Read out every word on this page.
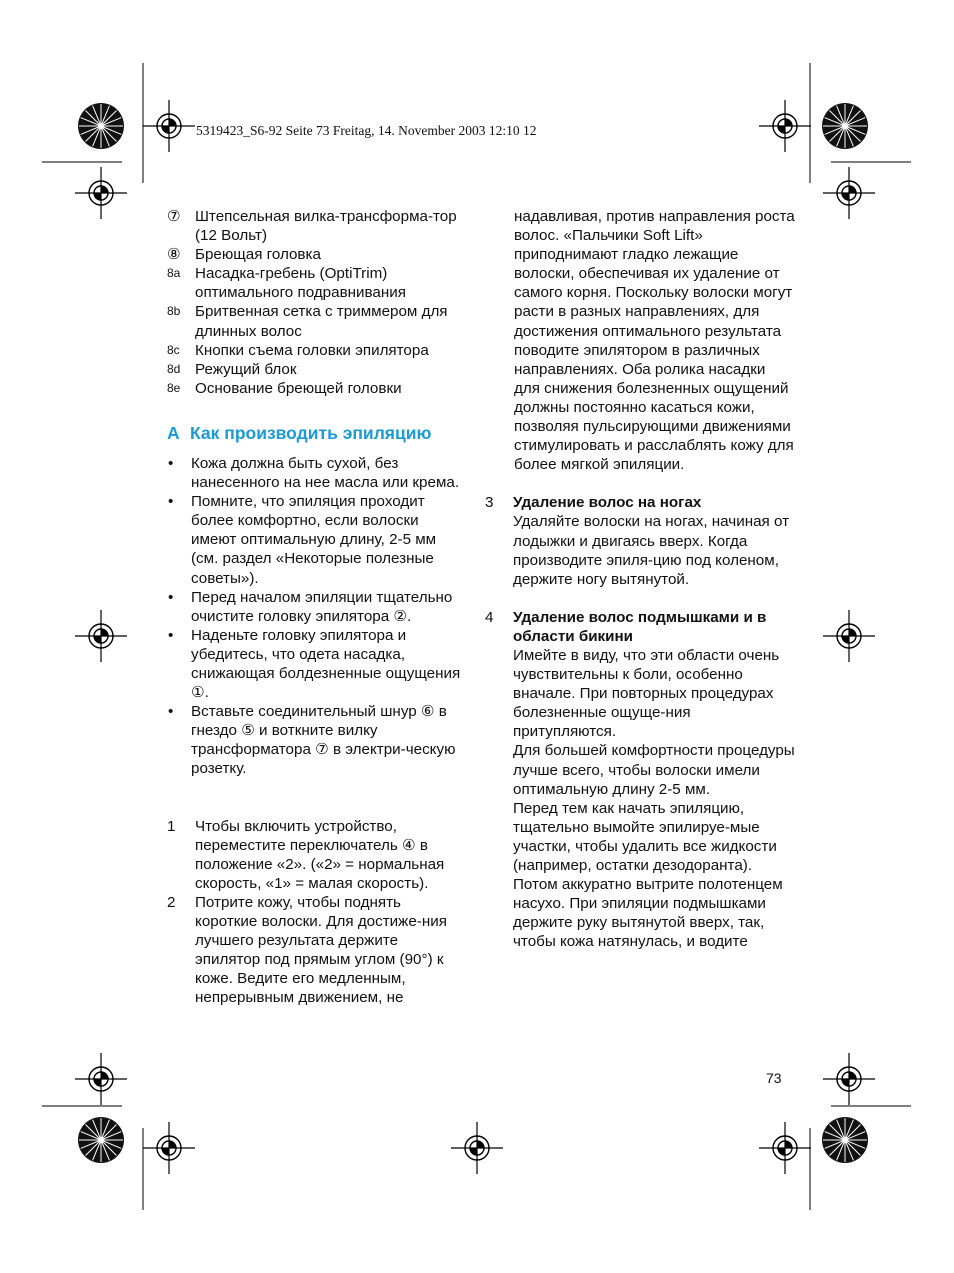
5319423_S6-92 Seite 73 Freitag, 14. November 2003 12:10 12
⑦ Штепсельная вилка-трансформа-тор (12 Вольт)
⑧ Бреющая головка
8a Насадка-гребень (OptiTrim) оптимального подравнивания
8b Бритвенная сетка с триммером для длинных волос
8c	Кнопки съема головки эпилятора
8d Режущий блок
8e Основание бреющей головки
A Как производить эпиляцию
•	Кожа должна быть сухой, без нанесенного на нее масла или крема.
•	Помните, что эпиляция проходит более комфортно, если волоски имеют оптимальную длину, 2-5 мм (см. раздел «Некоторые полезные советы»).
•	Перед началом эпиляции тщательно очистите головку эпилятора ②.
•	Наденьте головку эпилятора и убедитесь, что одета насадка, снижающая болдезненные ощущения ①.
•	Вставьте соединительный шнур ⑥ в гнездо ⑤ и воткните вилку трансформатора ⑦ в электри-ческую розетку.
1	Чтобы включить устройство, переместите переключатель ④ в положение «2». («2» = нормальная скорость, «1» = малая скорость).
2	Потрите кожу, чтобы поднять короткие волоски. Для достиже-ния лучшего результата держите эпилятор под прямым углом (90°) к коже. Ведите его медленным, непрерывным движением, не
надавливая, против направления роста волос. «Пальчики Soft Lift» приподнимают гладко лежащие волоски, обеспечивая их удаление от самого корня. Поскольку волоски могут расти в разных направлениях, для достижения оптимального результата поводите эпилятором в различных направлениях. Оба ролика насадки для снижения болезненных ощущений должны постоянно касаться кожи, позволяя пульсирующими движениями стимулировать и расслаблять кожу для более мягкой эпиляции.
3	Удаление волос на ногах
Удаляйте волоски на ногах, начиная от лодыжки и двигаясь вверх. Когда производите эпиля-цию под коленом, держите ногу вытянутой.
4	Удаление волос подмышками и в области бикини
Имейте в виду, что эти области очень чувствительны к боли, особенно вначале. При повторных процедурах болезненные ощуще-ния притупляются.
Для большей комфортности процедуры лучше всего, чтобы волоски имели оптимальную длину 2-5 мм.
Перед тем как начать эпиляцию, тщательно вымойте эпилируе-мые участки, чтобы удалить все жидкости (например, остатки дезодоранта). Потом аккуратно вытрите полотенцем насухо. При эпиляции подмышками держите руку вытянутой вверх, так, чтобы кожа натянулась, и водите
73
